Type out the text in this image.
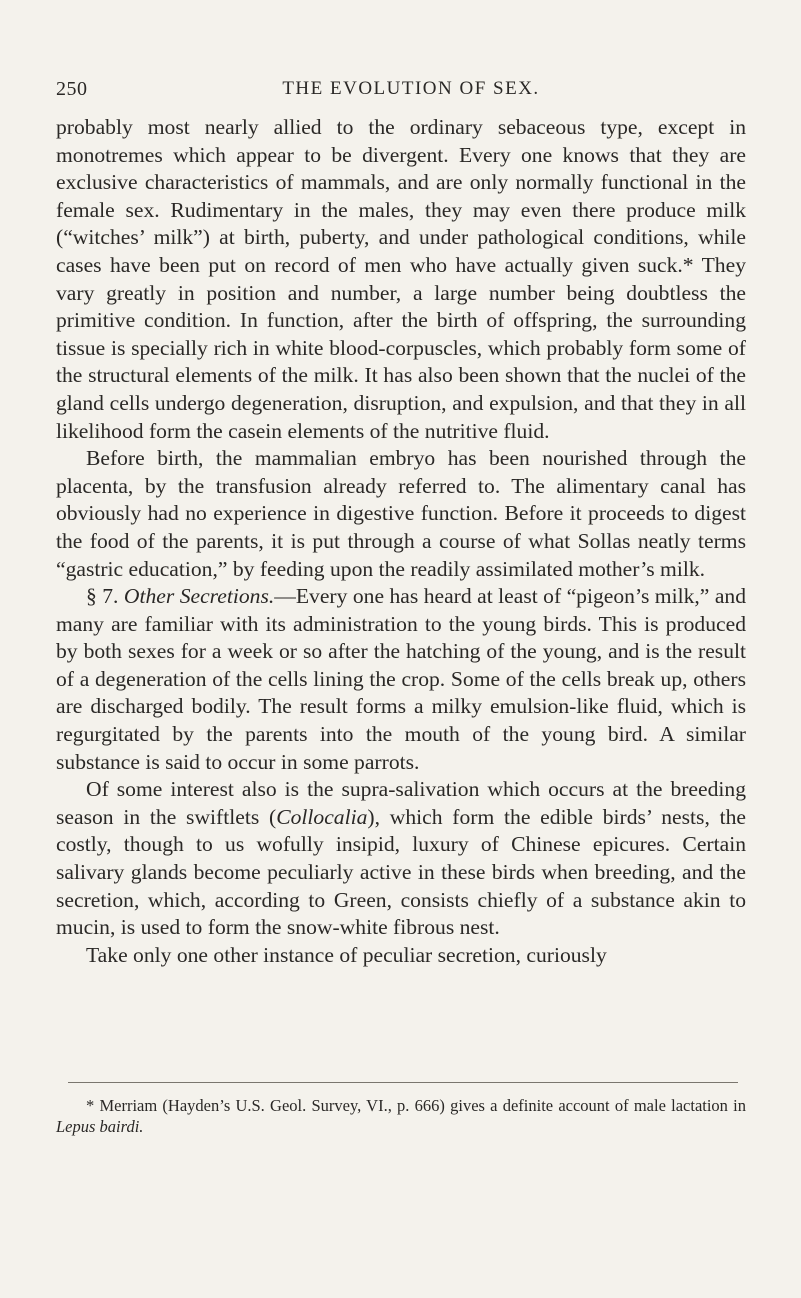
250	THE EVOLUTION OF SEX.

probably most nearly allied to the ordinary sebaceous type, except in monotremes which appear to be divergent. Every one knows that they are exclusive characteristics of mammals, and are only normally functional in the female sex. Rudimentary in the males, they may even there produce milk (“witches’ milk”) at birth, puberty, and under pathological conditions, while cases have been put on record of men who have actually given suck.* They vary greatly in position and number, a large number being doubtless the primitive condition. In function, after the birth of offspring, the surrounding tissue is specially rich in white blood-corpuscles, which probably form some of the structural elements of the milk. It has also been shown that the nuclei of the gland cells undergo degeneration, disruption, and expulsion, and that they in all likelihood form the casein elements of the nutritive fluid.

Before birth, the mammalian embryo has been nourished through the placenta, by the transfusion already referred to. The alimentary canal has obviously had no experience in digestive function. Before it proceeds to digest the food of the parents, it is put through a course of what Sollas neatly terms “gastric education,” by feeding upon the readily assimilated mother’s milk.

§ 7. Other Secretions.—Every one has heard at least of “pigeon’s milk,” and many are familiar with its administration to the young birds. This is produced by both sexes for a week or so after the hatching of the young, and is the result of a degeneration of the cells lining the crop. Some of the cells break up, others are discharged bodily. The result forms a milky emulsion-like fluid, which is regurgitated by the parents into the mouth of the young bird. A similar substance is said to occur in some parrots.

Of some interest also is the supra-salivation which occurs at the breeding season in the swiftlets (Collocalia), which form the edible birds’ nests, the costly, though to us wofully insipid, luxury of Chinese epicures. Certain salivary glands become peculiarly active in these birds when breeding, and the secretion, which, according to Green, consists chiefly of a substance akin to mucin, is used to form the snow-white fibrous nest.

Take only one other instance of peculiar secretion, curiously

* Merriam (Hayden’s U.S. Geol. Survey, VI., p. 666) gives a definite account of male lactation in Lepus bairdi.
